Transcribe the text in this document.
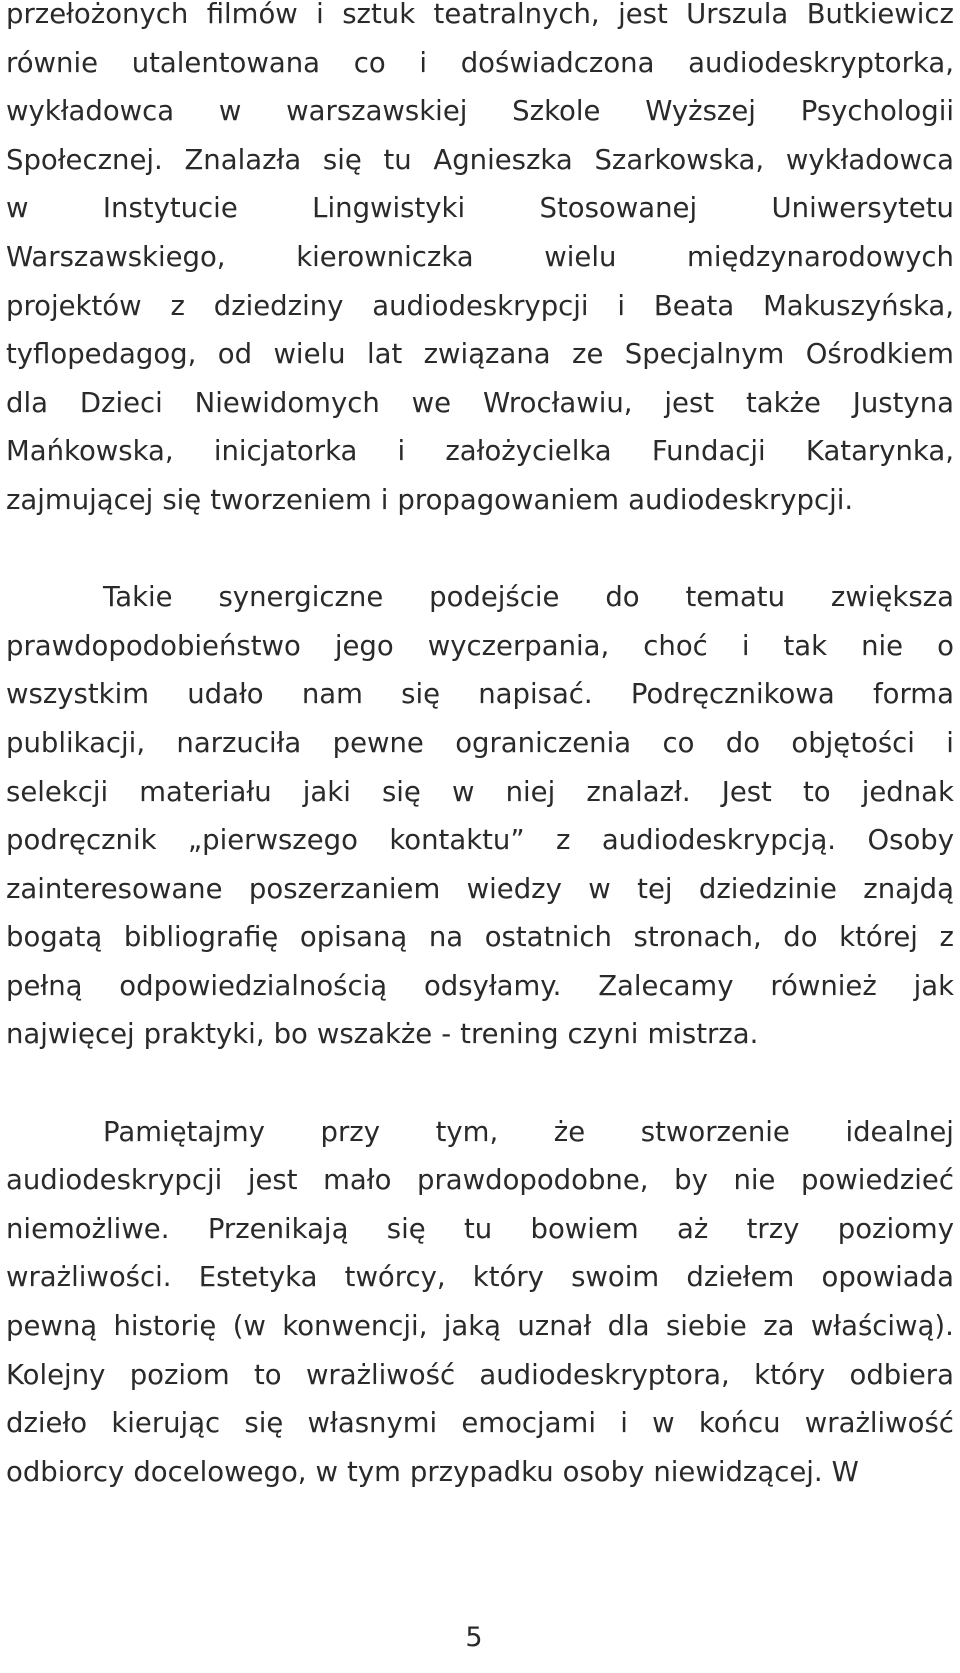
przełożonych filmów i sztuk teatralnych, jest Urszula Butkiewicz
równie utalentowana co i doświadczona audiodeskryptorka,
wykładowca w warszawskiej Szkole Wyższej Psychologii
Społecznej. Znalazła się tu Agnieszka Szarkowska, wykładowca
w	Instytucie	Lingwistyki	Stosowanej	Uniwersytetu
Warszawskiego,	kierowniczka	wielu	międzynarodowych
projektów z dziedziny audiodeskrypcji i Beata Makuszyńska,
tyflopedagog, od wielu lat związana ze Specjalnym Ośrodkiem
dla Dzieci Niewidomych we Wrocławiu, jest także Justyna
Mańkowska, inicjatorka i założycielka Fundacji Katarynka,
zajmującej się tworzeniem i propagowaniem audiodeskrypcji.
Takie synergiczne podejście do tematu zwiększa
prawdopodobieństwo jego wyczerpania, choć i tak nie o
wszystkim udało nam się napisać. Podręcznikowa forma
publikacji, narzuciła pewne ograniczenia co do objętości i
selekcji materiału jaki się w niej znalazł. Jest to jednak
podręcznik „pierwszego kontaktu” z audiodeskrypcją. Osoby
zainteresowane poszerzaniem wiedzy w tej dziedzinie znajdą
bogatą bibliografię opisaną na ostatnich stronach, do której z
pełną odpowiedzialnością odsyłamy. Zalecamy również jak
najwięcej praktyki, bo wszakże - trening czyni mistrza.
Pamiętajmy przy tym, że stworzenie idealnej
audiodeskrypcji jest mało prawdopodobne, by nie powiedzieć
niemożliwe. Przenikają się tu bowiem aż trzy poziomy
wrażliwości. Estetyka twórcy, który swoim dziełem opowiada
pewną historię (w konwencji, jaką uznał dla siebie za właściwą).
Kolejny poziom to wrażliwość audiodeskryptora, który odbiera
dzieło kierując się własnymi emocjami i w końcu wrażliwość
odbiorcy docelowego, w tym przypadku osoby niewidzącej. W
5
